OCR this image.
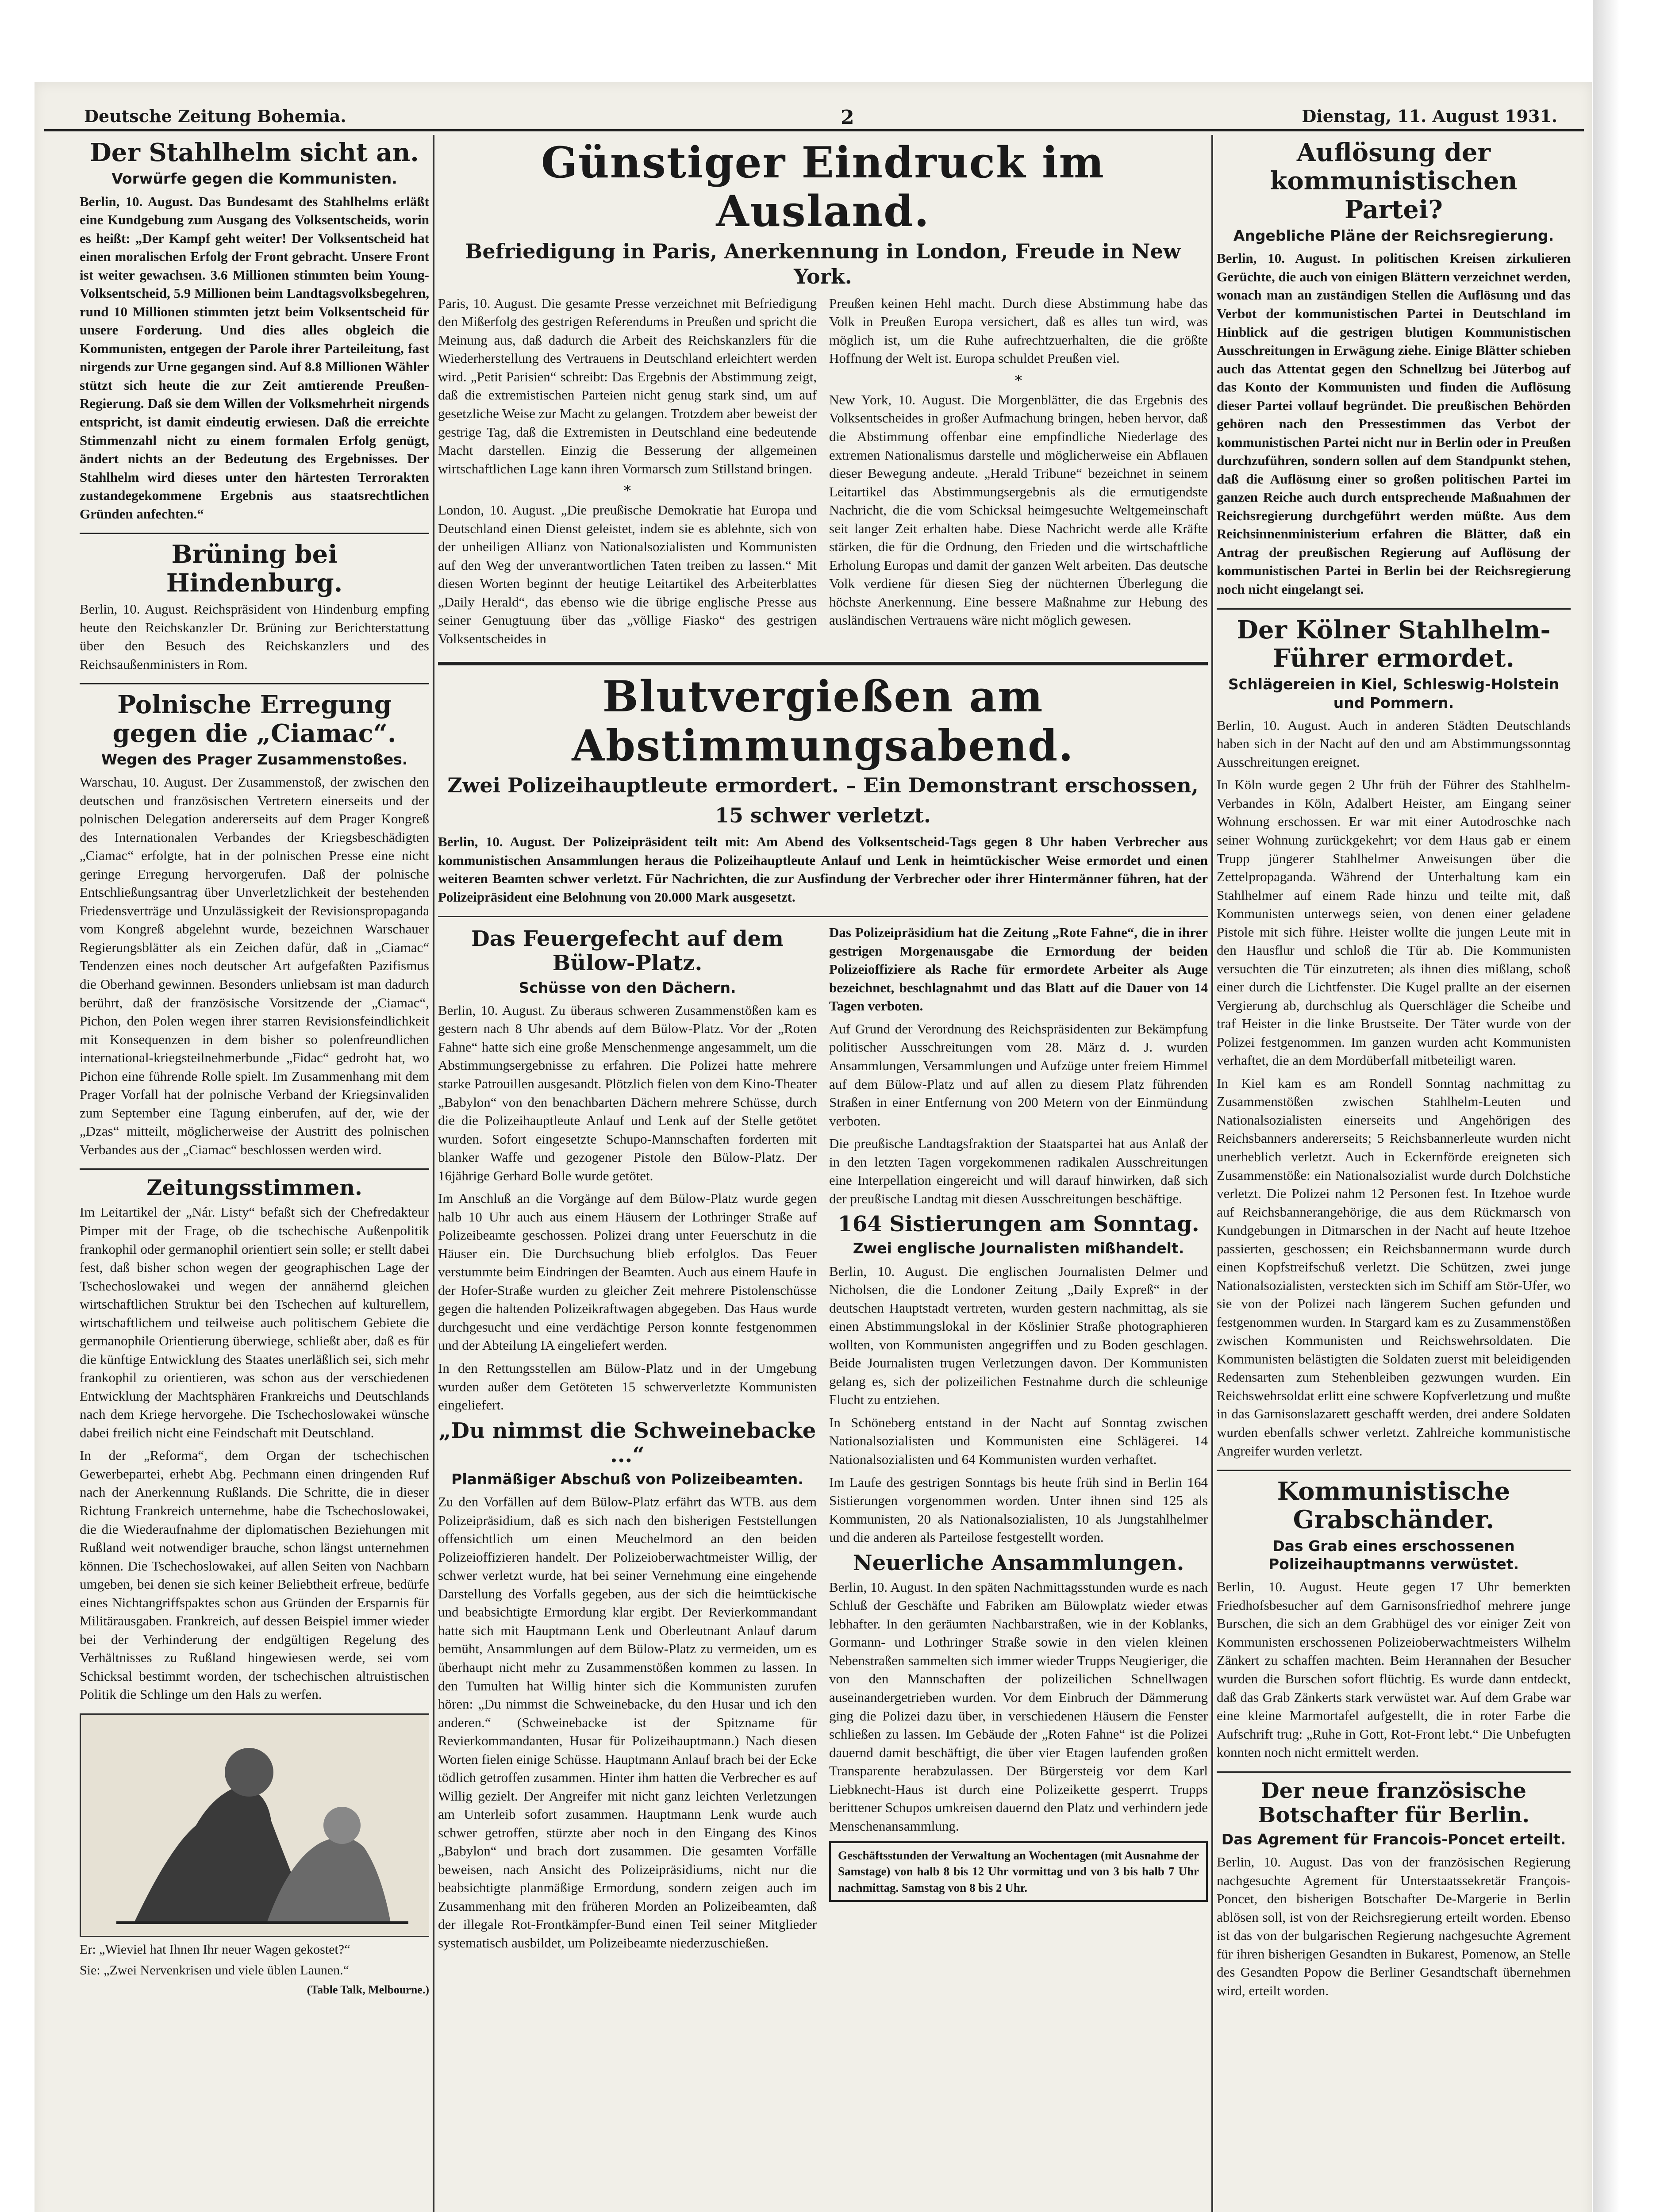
Deutsche Zeitung Bohemia.	2	Dienstag, 11. August 1931.
Der Stahlhelm sicht an.
Vorwürfe gegen die Kommunisten.

Berlin, 10. August. Das Bundesamt des Stahlhelms erläßt eine Kundgebung zum Ausgang des Volksentscheids, worin es heißt: „Der Kampf geht weiter! Der Volksentscheid hat einen moralischen Erfolg der Front gebracht. Unsere Front ist weiter gewachsen. 3.6 Millionen stimmten beim Young-Volksentscheid, 5.9 Millionen beim Landtagsvolksbegehren, rund 10 Millionen stimmten jetzt beim Volksentscheid für unsere Forderung. Und dies alles obgleich die Kommunisten, entgegen der Parole ihrer Parteileitung, fast nirgends zur Urne gegangen sind. Auf 8.8 Millionen Wähler stützt sich heute die zur Zeit amtierende Preußen-Regierung. Daß sie dem Willen der Volksmehrheit nirgends entspricht, ist damit eindeutig erwiesen. Daß die erreichte Stimmenzahl nicht zu einem formalen Erfolg genügt, ändert nichts an der Bedeutung des Ergebnisses. Der Stahlhelm wird dieses unter den härtesten Terrorakten zustandegekommene Ergebnis aus staatsrechtlichen Gründen anfechten.“

Brüning bei Hindenburg.

Berlin, 10. August. Reichspräsident von Hindenburg empfing heute den Reichskanzler Dr. Brüning zur Berichterstattung über den Besuch des Reichskanzlers und des Reichsaußenministers in Rom.

Polnische Erregung gegen die „Ciamac“.
Wegen des Prager Zusammenstoßes.

Warschau, 10. August. Der Zusammenstoß, der zwischen den deutschen und französischen Vertretern einerseits und der polnischen Delegation andererseits auf dem Prager Kongreß des Internationalen Verbandes der Kriegsbeschädigten „Ciamac“ erfolgte, hat in der polnischen Presse eine nicht geringe Erregung hervorgerufen. Daß der polnische Entschließungsantrag über Unverletzlichkeit der bestehenden Friedensverträge und Unzulässigkeit der Revisionspropaganda vom Kongreß abgelehnt wurde, bezeichnen Warschauer Regierungsblätter als ein Zeichen dafür, daß in „Ciamac“ Tendenzen eines noch deutscher Art aufgefaßten Pazifismus die Oberhand gewinnen. Besonders unliebsam ist man dadurch berührt, daß der französische Vorsitzende der „Ciamac“, Pichon, den Polen wegen ihrer starren Revisionsfeindlichkeit mit Konsequenzen in dem bisher so polenfreundlichen international-kriegsteilnehmerbunde „Fidac“ gedroht hat, wo Pichon eine führende Rolle spielt. Im Zusammenhang mit dem Prager Vorfall hat der polnische Verband der Kriegsinvaliden zum September eine Tagung einberufen, auf der, wie der „Dzas“ mitteilt, möglicherweise der Austritt des polnischen Verbandes aus der „Ciamac“ beschlossen werden wird.

Zeitungsstimmen.

Im Leitartikel der „Nár. Listy“ befaßt sich der Chefredakteur Pimper mit der Frage, ob die tschechische Außenpolitik frankophil oder germanophil orientiert sein solle; er stellt dabei fest, daß bisher schon wegen der geographischen Lage der Tschechoslowakei und wegen der annähernd gleichen wirtschaftlichen Struktur bei den Tschechen auf kulturellem, wirtschaftlichem und teilweise auch politischem Gebiete die germanophile Orientierung überwiege, schließt aber, daß es für die künftige Entwicklung des Staates unerläßlich sei, sich mehr frankophil zu orientieren, was schon aus der verschiedenen Entwicklung der Machtsphären Frankreichs und Deutschlands nach dem Kriege hervorgehe. Die Tschechoslowakei wünsche dabei freilich nicht eine Feindschaft mit Deutschland.

In der „Reforma“, dem Organ der tschechischen Gewerbepartei, erhebt Abg. Pechmann einen dringenden Ruf nach der Anerkennung Rußlands. Die Schritte, die in dieser Richtung Frankreich unternehme, habe die Tschechoslowakei, die die Wiederaufnahme der diplomatischen Beziehungen mit Rußland weit notwendiger brauche, schon längst unternehmen können. Die Tschechoslowakei, auf allen Seiten von Nachbarn umgeben, bei denen sie sich keiner Beliebtheit erfreue, bedürfe eines Nichtangriffspaktes schon aus Gründen der Ersparnis für Militärausgaben. Frankreich, auf dessen Beispiel immer wieder bei der Verhinderung der endgültigen Regelung des Verhältnisses zu Rußland hingewiesen werde, sei vom Schicksal bestimmt worden, der tschechischen altruistischen Politik die Schlinge um den Hals zu werfen.

Er: „Wieviel hat Ihnen Ihr neuer Wagen gekostet?“
Sie: „Zwei Nervenkrisen und viele üblen Launen.“
(Table Talk, Melbourne.)
Günstiger Eindruck im Ausland.
Befriedigung in Paris, Anerkennung in London, Freude in New York.

Paris, 10. August. Die gesamte Presse verzeichnet mit Befriedigung den Mißerfolg des gestrigen Referendums in Preußen und spricht die Meinung aus, daß dadurch die Arbeit des Reichskanzlers für die Wiederherstellung des Vertrauens in Deutschland erleichtert werden wird. „Petit Parisien“ schreibt: Das Ergebnis der Abstimmung zeigt, daß die extremistischen Parteien nicht genug stark sind, um auf gesetzliche Weise zur Macht zu gelangen. Trotzdem aber beweist der gestrige Tag, daß die Extremisten in Deutschland eine bedeutende Macht darstellen. Einzig die Besserung der allgemeinen wirtschaftlichen Lage kann ihren Vormarsch zum Stillstand bringen.

*

London, 10. August. „Die preußische Demokratie hat Europa und Deutschland einen Dienst geleistet, indem sie es ablehnte, sich von der unheiligen Allianz von Nationalsozialisten und Kommunisten auf den Weg der unverantwortlichen Taten treiben zu lassen.“ Mit diesen Worten beginnt der heutige Leitartikel des Arbeiterblattes „Daily Herald“, das ebenso wie die übrige englische Presse aus seiner Genugtuung über das „völlige Fiasko“ des gestrigen Volksentscheides in

Preußen keinen Hehl macht. Durch diese Abstimmung habe das Volk in Preußen Europa versichert, daß es alles tun wird, was möglich ist, um die Ruhe aufrechtzuerhalten, die die größte Hoffnung der Welt ist. Europa schuldet Preußen viel.

*

New York, 10. August. Die Morgenblätter, die das Ergebnis des Volksentscheides in großer Aufmachung bringen, heben hervor, daß die Abstimmung offenbar eine empfindliche Niederlage des extremen Nationalismus darstelle und möglicherweise ein Abflauen dieser Bewegung andeute. „Herald Tribune“ bezeichnet in seinem Leitartikel das Abstimmungsergebnis als die ermutigendste Nachricht, die die vom Schicksal heimgesuchte Weltgemeinschaft seit langer Zeit erhalten habe. Diese Nachricht werde alle Kräfte stärken, die für die Ordnung, den Frieden und die wirtschaftliche Erholung Europas und damit der ganzen Welt arbeiten. Das deutsche Volk verdiene für diesen Sieg der nüchternen Überlegung die höchste Anerkennung. Eine bessere Maßnahme zur Hebung des ausländischen Vertrauens wäre nicht möglich gewesen.

Blutvergießen am Abstimmungsabend.
Zwei Polizeihauptleute ermordert. – Ein Demonstrant erschossen,
15 schwer verletzt.

Berlin, 10. August. Der Polizeipräsident teilt mit: Am Abend des Volksentscheid-Tags gegen 8 Uhr haben Verbrecher aus kommunistischen Ansammlungen heraus die Polizeihauptleute Anlauf und Lenk in heimtückischer Weise ermordet und einen weiteren Beamten schwer verletzt. Für Nachrichten, die zur Ausfindung der Verbrecher oder ihrer Hintermänner führen, hat der Polizeipräsident eine Belohnung von 20.000 Mark ausgesetzt.

Das Feuergefecht auf dem Bülow-Platz.
Schüsse von den Dächern.

Berlin, 10. August. Zu überaus schweren Zusammenstößen kam es gestern nach 8 Uhr abends auf dem Bülow-Platz. Vor der „Roten Fahne“ hatte sich eine große Menschenmenge angesammelt, um die Abstimmungsergebnisse zu erfahren. Die Polizei hatte mehrere starke Patrouillen ausgesandt. Plötzlich fielen von dem Kino-Theater „Babylon“ von den benachbarten Dächern mehrere Schüsse, durch die die Polizeihauptleute Anlauf und Lenk auf der Stelle getötet wurden. Sofort eingesetzte Schupo-Mannschaften forderten mit blanker Waffe und gezogener Pistole den Bülow-Platz. Der 16jährige Gerhard Bolle wurde getötet.

Im Anschluß an die Vorgänge auf dem Bülow-Platz wurde gegen halb 10 Uhr auch aus einem Häusern der Lothringer Straße auf Polizeibeamte geschossen. Polizei drang unter Feuerschutz in die Häuser ein. Die Durchsuchung blieb erfolglos. Das Feuer verstummte beim Eindringen der Beamten. Auch aus einem Haufe in der Hofer-Straße wurden zu gleicher Zeit mehrere Pistolenschüsse gegen die haltenden Polizeikraftwagen abgegeben. Das Haus wurde durchgesucht und eine verdächtige Person konnte festgenommen und der Abteilung IA eingeliefert werden.

In den Rettungsstellen am Bülow-Platz und in der Umgebung wurden außer dem Getöteten 15 schwerverletzte Kommunisten eingeliefert.

„Du nimmst die Schweinebacke ...“
Planmäßiger Abschuß von Polizeibeamten.

Zu den Vorfällen auf dem Bülow-Platz erfährt das WTB. aus dem Polizeipräsidium, daß es sich nach den bisherigen Feststellungen offensichtlich um einen Meuchelmord an den beiden Polizeioffizieren handelt. Der Polizeioberwachtmeister Willig, der schwer verletzt wurde, hat bei seiner Vernehmung eine eingehende Darstellung des Vorfalls gegeben, aus der sich die heimtückische und beabsichtigte Ermordung klar ergibt. Der Revierkommandant hatte sich mit Hauptmann Lenk und Oberleutnant Anlauf darum bemüht, Ansammlungen auf dem Bülow-Platz zu vermeiden, um es überhaupt nicht mehr zu Zusammenstößen kommen zu lassen. In den Tumulten hat Willig hinter sich die Kommunisten zurufen hören: „Du nimmst die Schweinebacke, du den Husar und ich den anderen.“ (Schweinebacke ist der Spitzname für Revierkommandanten, Husar für Polizeihauptmann.) Nach diesen Worten fielen einige Schüsse. Hauptmann Anlauf brach bei der Ecke tödlich getroffen zusammen. Hinter ihm hatten die Verbrecher es auf Willig gezielt. Der Angreifer mit nicht ganz leichten Verletzungen am Unterleib sofort zusammen. Hauptmann Lenk wurde auch schwer getroffen, stürzte aber noch in den Eingang des Kinos „Babylon“ und brach dort zusammen. Die gesamten Vorfälle beweisen, nach Ansicht des Polizeipräsidiums, nicht nur die beabsichtigte planmäßige Ermordung, sondern zeigen auch im Zusammenhang mit den früheren Morden an Polizeibeamten, daß der illegale Rot-Frontkämpfer-Bund einen Teil seiner Mitglieder systematisch ausbildet, um Polizeibeamte niederzuschießen.

Das Polizeipräsidium hat die Zeitung „Rote Fahne“, die in ihrer gestrigen Morgenausgabe die Ermordung der beiden Polizeioffiziere als Rache für ermordete Arbeiter als Auge bezeichnet, beschlagnahmt und das Blatt auf die Dauer von 14 Tagen verboten.

Auf Grund der Verordnung des Reichspräsidenten zur Bekämpfung politischer Ausschreitungen vom 28. März d. J. wurden Ansammlungen, Versammlungen und Aufzüge unter freiem Himmel auf dem Bülow-Platz und auf allen zu diesem Platz führenden Straßen in einer Entfernung von 200 Metern von der Einmündung verboten.

Die preußische Landtagsfraktion der Staatspartei hat aus Anlaß der in den letzten Tagen vorgekommenen radikalen Ausschreitungen eine Interpellation eingereicht und will darauf hinwirken, daß sich der preußische Landtag mit diesen Ausschreitungen beschäftige.

164 Sistierungen am Sonntag.
Zwei englische Journalisten mißhandelt.

Berlin, 10. August. Die englischen Journalisten Delmer und Nicholsen, die die Londoner Zeitung „Daily Expreß“ in der deutschen Hauptstadt vertreten, wurden gestern nachmittag, als sie einen Abstimmungslokal in der Köslinier Straße photographieren wollten, von Kommunisten angegriffen und zu Boden geschlagen. Beide Journalisten trugen Verletzungen davon. Der Kommunisten gelang es, sich der polizeilichen Festnahme durch die schleunige Flucht zu entziehen.

In Schöneberg entstand in der Nacht auf Sonntag zwischen Nationalsozialisten und Kommunisten eine Schlägerei. 14 Nationalsozialisten und 64 Kommunisten wurden verhaftet.

Im Laufe des gestrigen Sonntags bis heute früh sind in Berlin 164 Sistierungen vorgenommen worden. Unter ihnen sind 125 als Kommunisten, 20 als Nationalsozialisten, 10 als Jungstahlhelmer und die anderen als Parteilose festgestellt worden.

Neuerliche Ansammlungen.

Berlin, 10. August. In den späten Nachmittagsstunden wurde es nach Schluß der Geschäfte und Fabriken am Bülowplatz wieder etwas lebhafter. In den geräumten Nachbarstraßen, wie in der Koblanks, Gormann- und Lothringer Straße sowie in den vielen kleinen Nebenstraßen sammelten sich immer wieder Trupps Neugieriger, die von den Mannschaften der polizeilichen Schnellwagen auseinandergetrieben wurden. Vor dem Einbruch der Dämmerung ging die Polizei dazu über, in verschiedenen Häusern die Fenster schließen zu lassen. Im Gebäude der „Roten Fahne“ ist die Polizei dauernd damit beschäftigt, die über vier Etagen laufenden großen Transparente herabzulassen. Der Bürgersteig vor dem Karl Liebknecht-Haus ist durch eine Polizeikette gesperrt. Trupps berittener Schupos umkreisen dauernd den Platz und verhindern jede Menschenansammlung.

Geschäftsstunden der Verwaltung an Wochentagen (mit Ausnahme der Samstage) von halb 8 bis 12 Uhr vormittag und von 3 bis halb 7 Uhr nachmittag. Samstag von 8 bis 2 Uhr.

Auflösung der kommunistischen Partei?
Angebliche Pläne der Reichsregierung.

Berlin, 10. August. In politischen Kreisen zirkulieren Gerüchte, die auch von einigen Blättern verzeichnet werden, wonach man an zuständigen Stellen die Auflösung und das Verbot der kommunistischen Partei in Deutschland im Hinblick auf die gestrigen blutigen Kommunistischen Ausschreitungen in Erwägung ziehe. Einige Blätter schieben auch das Attentat gegen den Schnellzug bei Jüterbog auf das Konto der Kommunisten und finden die Auflösung dieser Partei vollauf begründet. Die preußischen Behörden gehören nach den Pressestimmen das Verbot der kommunistischen Partei nicht nur in Berlin oder in Preußen durchzuführen, sondern sollen auf dem Standpunkt stehen, daß die Auflösung einer so großen politischen Partei im ganzen Reiche auch durch entsprechende Maßnahmen der Reichsregierung durchgeführt werden müßte. Aus dem Reichsinnenministerium erfahren die Blätter, daß ein Antrag der preußischen Regierung auf Auflösung der kommunistischen Partei in Berlin bei der Reichsregierung noch nicht eingelangt sei.

Der Kölner Stahlhelm-Führer ermordet.
Schlägereien in Kiel, Schleswig-Holstein und Pommern.

Berlin, 10. August. Auch in anderen Städten Deutschlands haben sich in der Nacht auf den und am Abstimmungssonntag Ausschreitungen ereignet.

In Köln wurde gegen 2 Uhr früh der Führer des Stahlhelm-Verbandes in Köln, Adalbert Heister, am Eingang seiner Wohnung erschossen. Er war mit einer Autodroschke nach seiner Wohnung zurückgekehrt; vor dem Haus gab er einem Trupp jüngerer Stahlhelmer Anweisungen über die Zettelpropaganda. Während der Unterhaltung kam ein Stahlhelmer auf einem Rade hinzu und teilte mit, daß Kommunisten unterwegs seien, von denen einer geladene Pistole mit sich führe. Heister wollte die jungen Leute mit in den Hausflur und schloß die Tür ab. Die Kommunisten versuchten die Tür einzutreten; als ihnen dies mißlang, schoß einer durch die Lichtfenster. Die Kugel prallte an der eisernen Vergierung ab, durchschlug als Querschläger die Scheibe und traf Heister in die linke Brustseite. Der Täter wurde von der Polizei festgenommen. Im ganzen wurden acht Kommunisten verhaftet, die an dem Mordüberfall mitbeteiligt waren.

In Kiel kam es am Rondell Sonntag nachmittag zu Zusammenstößen zwischen Stahlhelm-Leuten und Nationalsozialisten einerseits und Angehörigen des Reichsbanners andererseits; 5 Reichsbannerleute wurden nicht unerheblich verletzt. Auch in Eckernförde ereigneten sich Zusammenstöße: ein Nationalsozialist wurde durch Dolchstiche verletzt. Die Polizei nahm 12 Personen fest. In Itzehoe wurde auf Reichsbannerangehörige, die aus dem Rückmarsch von Kundgebungen in Ditmarschen in der Nacht auf heute Itzehoe passierten, geschossen; ein Reichsbannermann wurde durch einen Kopfstreifschuß verletzt. Die Schützen, zwei junge Nationalsozialisten, versteckten sich im Schiff am Stör-Ufer, wo sie von der Polizei nach längerem Suchen gefunden und festgenommen wurden. In Stargard kam es zu Zusammenstößen zwischen Kommunisten und Reichswehrsoldaten. Die Kommunisten belästigten die Soldaten zuerst mit beleidigenden Redensarten zum Stehenbleiben gezwungen wurden. Ein Reichswehrsoldat erlitt eine schwere Kopfverletzung und mußte in das Garnisonslazarett geschafft werden, drei andere Soldaten wurden ebenfalls schwer verletzt. Zahlreiche kommunistische Angreifer wurden verletzt.

Kommunistische Grabschänder.
Das Grab eines erschossenen Polizeihauptmanns verwüstet.

Berlin, 10. August. Heute gegen 17 Uhr bemerkten Friedhofsbesucher auf dem Garnisonsfriedhof mehrere junge Burschen, die sich an dem Grabhügel des vor einiger Zeit von Kommunisten erschossenen Polizeioberwachtmeisters Wilhelm Zänkert zu schaffen machten. Beim Herannahen der Besucher wurden die Burschen sofort flüchtig. Es wurde dann entdeckt, daß das Grab Zänkerts stark verwüstet war. Auf dem Grabe war eine kleine Marmortafel aufgestellt, die in roter Farbe die Aufschrift trug: „Ruhe in Gott, Rot-Front lebt.“ Die Unbefugten konnten noch nicht ermittelt werden.

Der neue französische Botschafter für Berlin.
Das Agrement für Francois-Poncet erteilt.

Berlin, 10. August. Das von der französischen Regierung nachgesuchte Agrement für Unterstaatssekretär François-Poncet, den bisherigen Botschafter De-Margerie in Berlin ablösen soll, ist von der Reichsregierung erteilt worden. Ebenso ist das von der bulgarischen Regierung nachgesuchte Agrement für ihren bisherigen Gesandten in Bukarest, Pomenow, an Stelle des Gesandten Popow die Berliner Gesandtschaft übernehmen wird, erteilt worden.
